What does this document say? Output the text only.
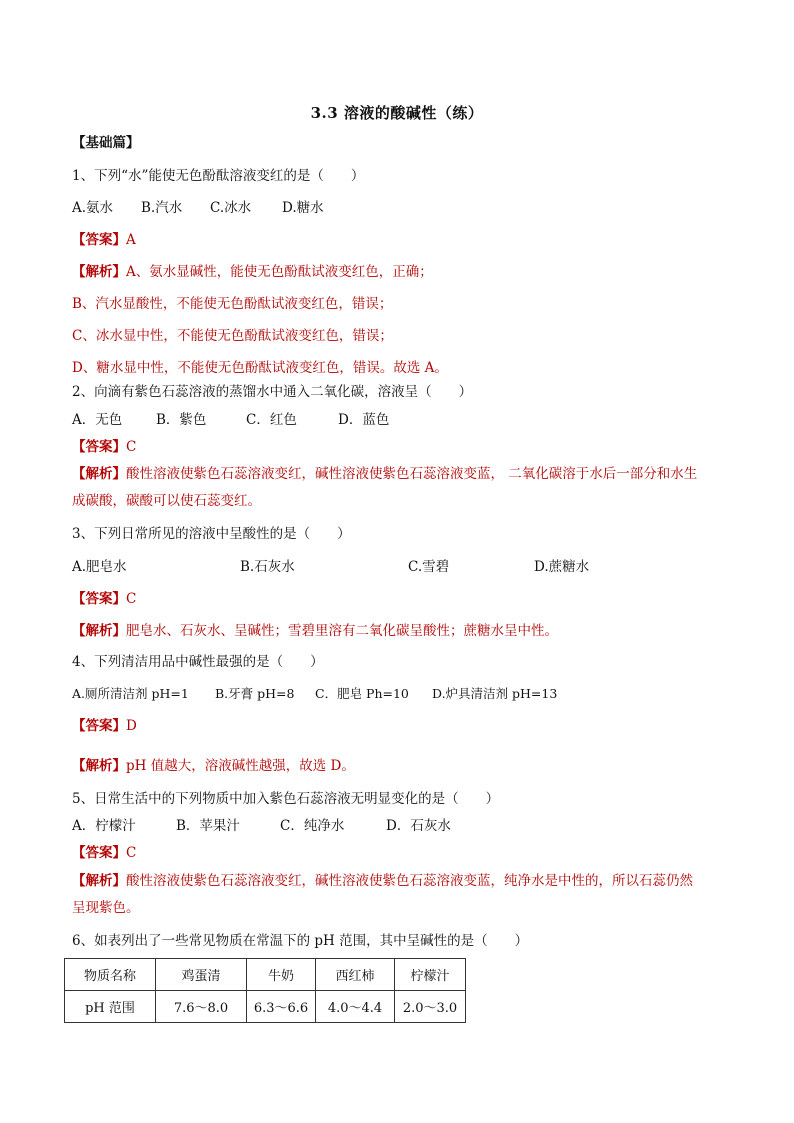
3.3 溶液的酸碱性（练）
【基础篇】
1、下列“水”能使无色酚酞溶液变红的是（　　）
A.氨水 B.汽水 C.冰水 D.糖水
【答案】A
【解析】A、氨水显碱性，能使无色酚酞试液变红色，正确；
B、汽水显酸性，不能使无色酚酞试液变红色，错误；
C、冰水显中性，不能使无色酚酞试液变红色，错误；
D、糖水显中性，不能使无色酚酞试液变红色，错误。故选 A。
2、向滴有紫色石蕊溶液的蒸馏水中通入二氧化碳，溶液呈（　　）
A．无色	B．紫色	C．红色	D．蓝色
【答案】C
【解析】酸性溶液使紫色石蕊溶液变红，碱性溶液使紫色石蕊溶液变蓝， 二氧化碳溶于水后一部分和水生
成碳酸，碳酸可以使石蕊变红。
3、下列日常所见的溶液中呈酸性的是（　　）
A.肥皂水	B.石灰水	C.雪碧	D.蔗糖水
【答案】C
【解析】肥皂水、石灰水、呈碱性；雪碧里溶有二氧化碳呈酸性；蔗糖水呈中性。
4、下列清洁用品中碱性最强的是（　　）
A.厕所清洁剂 pH=1 B.牙膏 pH=8 C．肥皂 Ph=10 D.炉具清洁剂 pH=13
【答案】D
【解析】pH 值越大，溶液碱性越强，故选 D。
5、日常生活中的下列物质中加入紫色石蕊溶液无明显变化的是（　　）
A．柠檬汁	B．苹果汁	C．纯净水	D．石灰水
【答案】C
【解析】酸性溶液使紫色石蕊溶液变红，碱性溶液使紫色石蕊溶液变蓝，纯净水是中性的，所以石蕊仍然
呈现紫色。
6、如表列出了一些常见物质在常温下的 pH 范围，其中呈碱性的是（　　）
物质名称	鸡蛋清	牛奶	西红柿	柠檬汁
pH 范围	7.6～8.0	6.3～6.6	4.0～4.4	2.0～3.0
